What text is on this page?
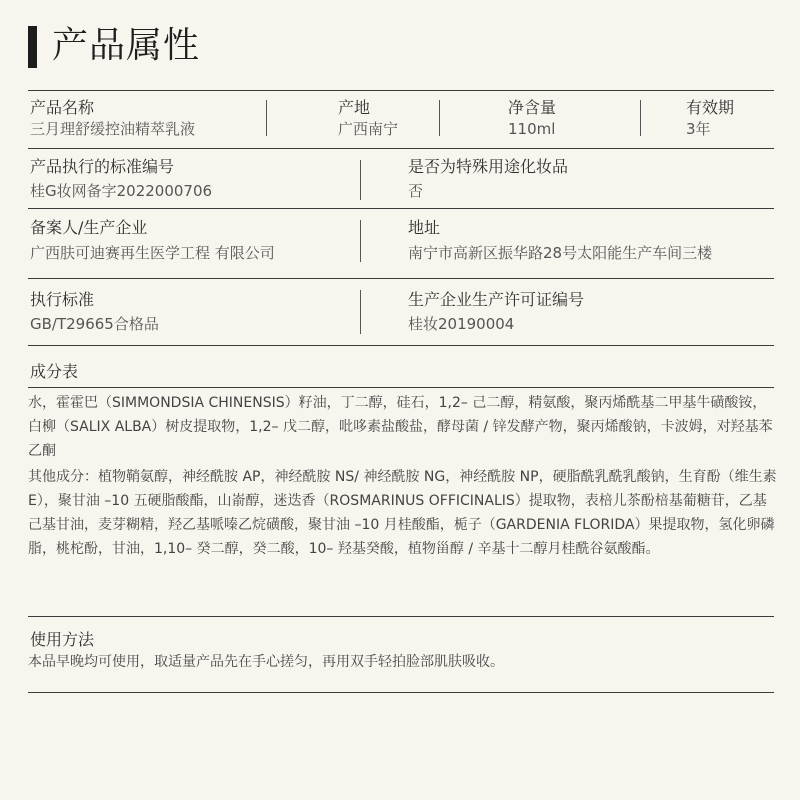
产品属性
产品名称
三月理舒缓控油精萃乳液
产地
广西南宁
净含量
110ml
有效期
3年
产品执行的标准编号
桂G妆网备字2022000706
是否为特殊用途化妆品
否
备案人/生产企业
广西肤可迪赛再生医学工程 有限公司
地址
南宁市高新区振华路28号太阳能生产车间三楼
执行标准
GB/T29665合格品
生产企业生产许可证编号
桂妆20190004
成分表

水，霍霍巴（SIMMONDSIA CHINENSIS）籽油，丁二醇，硅石，1,2– 己二醇，精氨酸，聚丙烯酰基二甲基牛磺酸铵，白柳（SALIX ALBA）树皮提取物，1,2– 戊二醇，吡哆素盐酸盐，酵母菌 / 锌发酵产物，聚丙烯酸钠，卡波姆，对羟基苯乙酮

其他成分：植物鞘氨醇，神经酰胺 AP，神经酰胺 NS/ 神经酰胺 NG，神经酰胺 NP，硬脂酰乳酰乳酸钠，生育酚（维生素 E），聚甘油 –10 五硬脂酸酯，山嵛醇，迷迭香（ROSMARINUS OFFICINALIS）提取物，表棓儿茶酚棓基葡糖苷，乙基己基甘油，麦芽糊精，羟乙基哌嗪乙烷磺酸，聚甘油 –10 月桂酸酯，栀子（GARDENIA FLORIDA）果提取物，氢化卵磷脂，桃柁酚，甘油，1,10– 癸二醇，癸二酸，10– 羟基癸酸，植物甾醇 / 辛基十二醇月桂酰谷氨酸酯。

使用方法
本品早晚均可使用，取适量产品先在手心搓匀，再用双手轻拍脸部肌肤吸收。
